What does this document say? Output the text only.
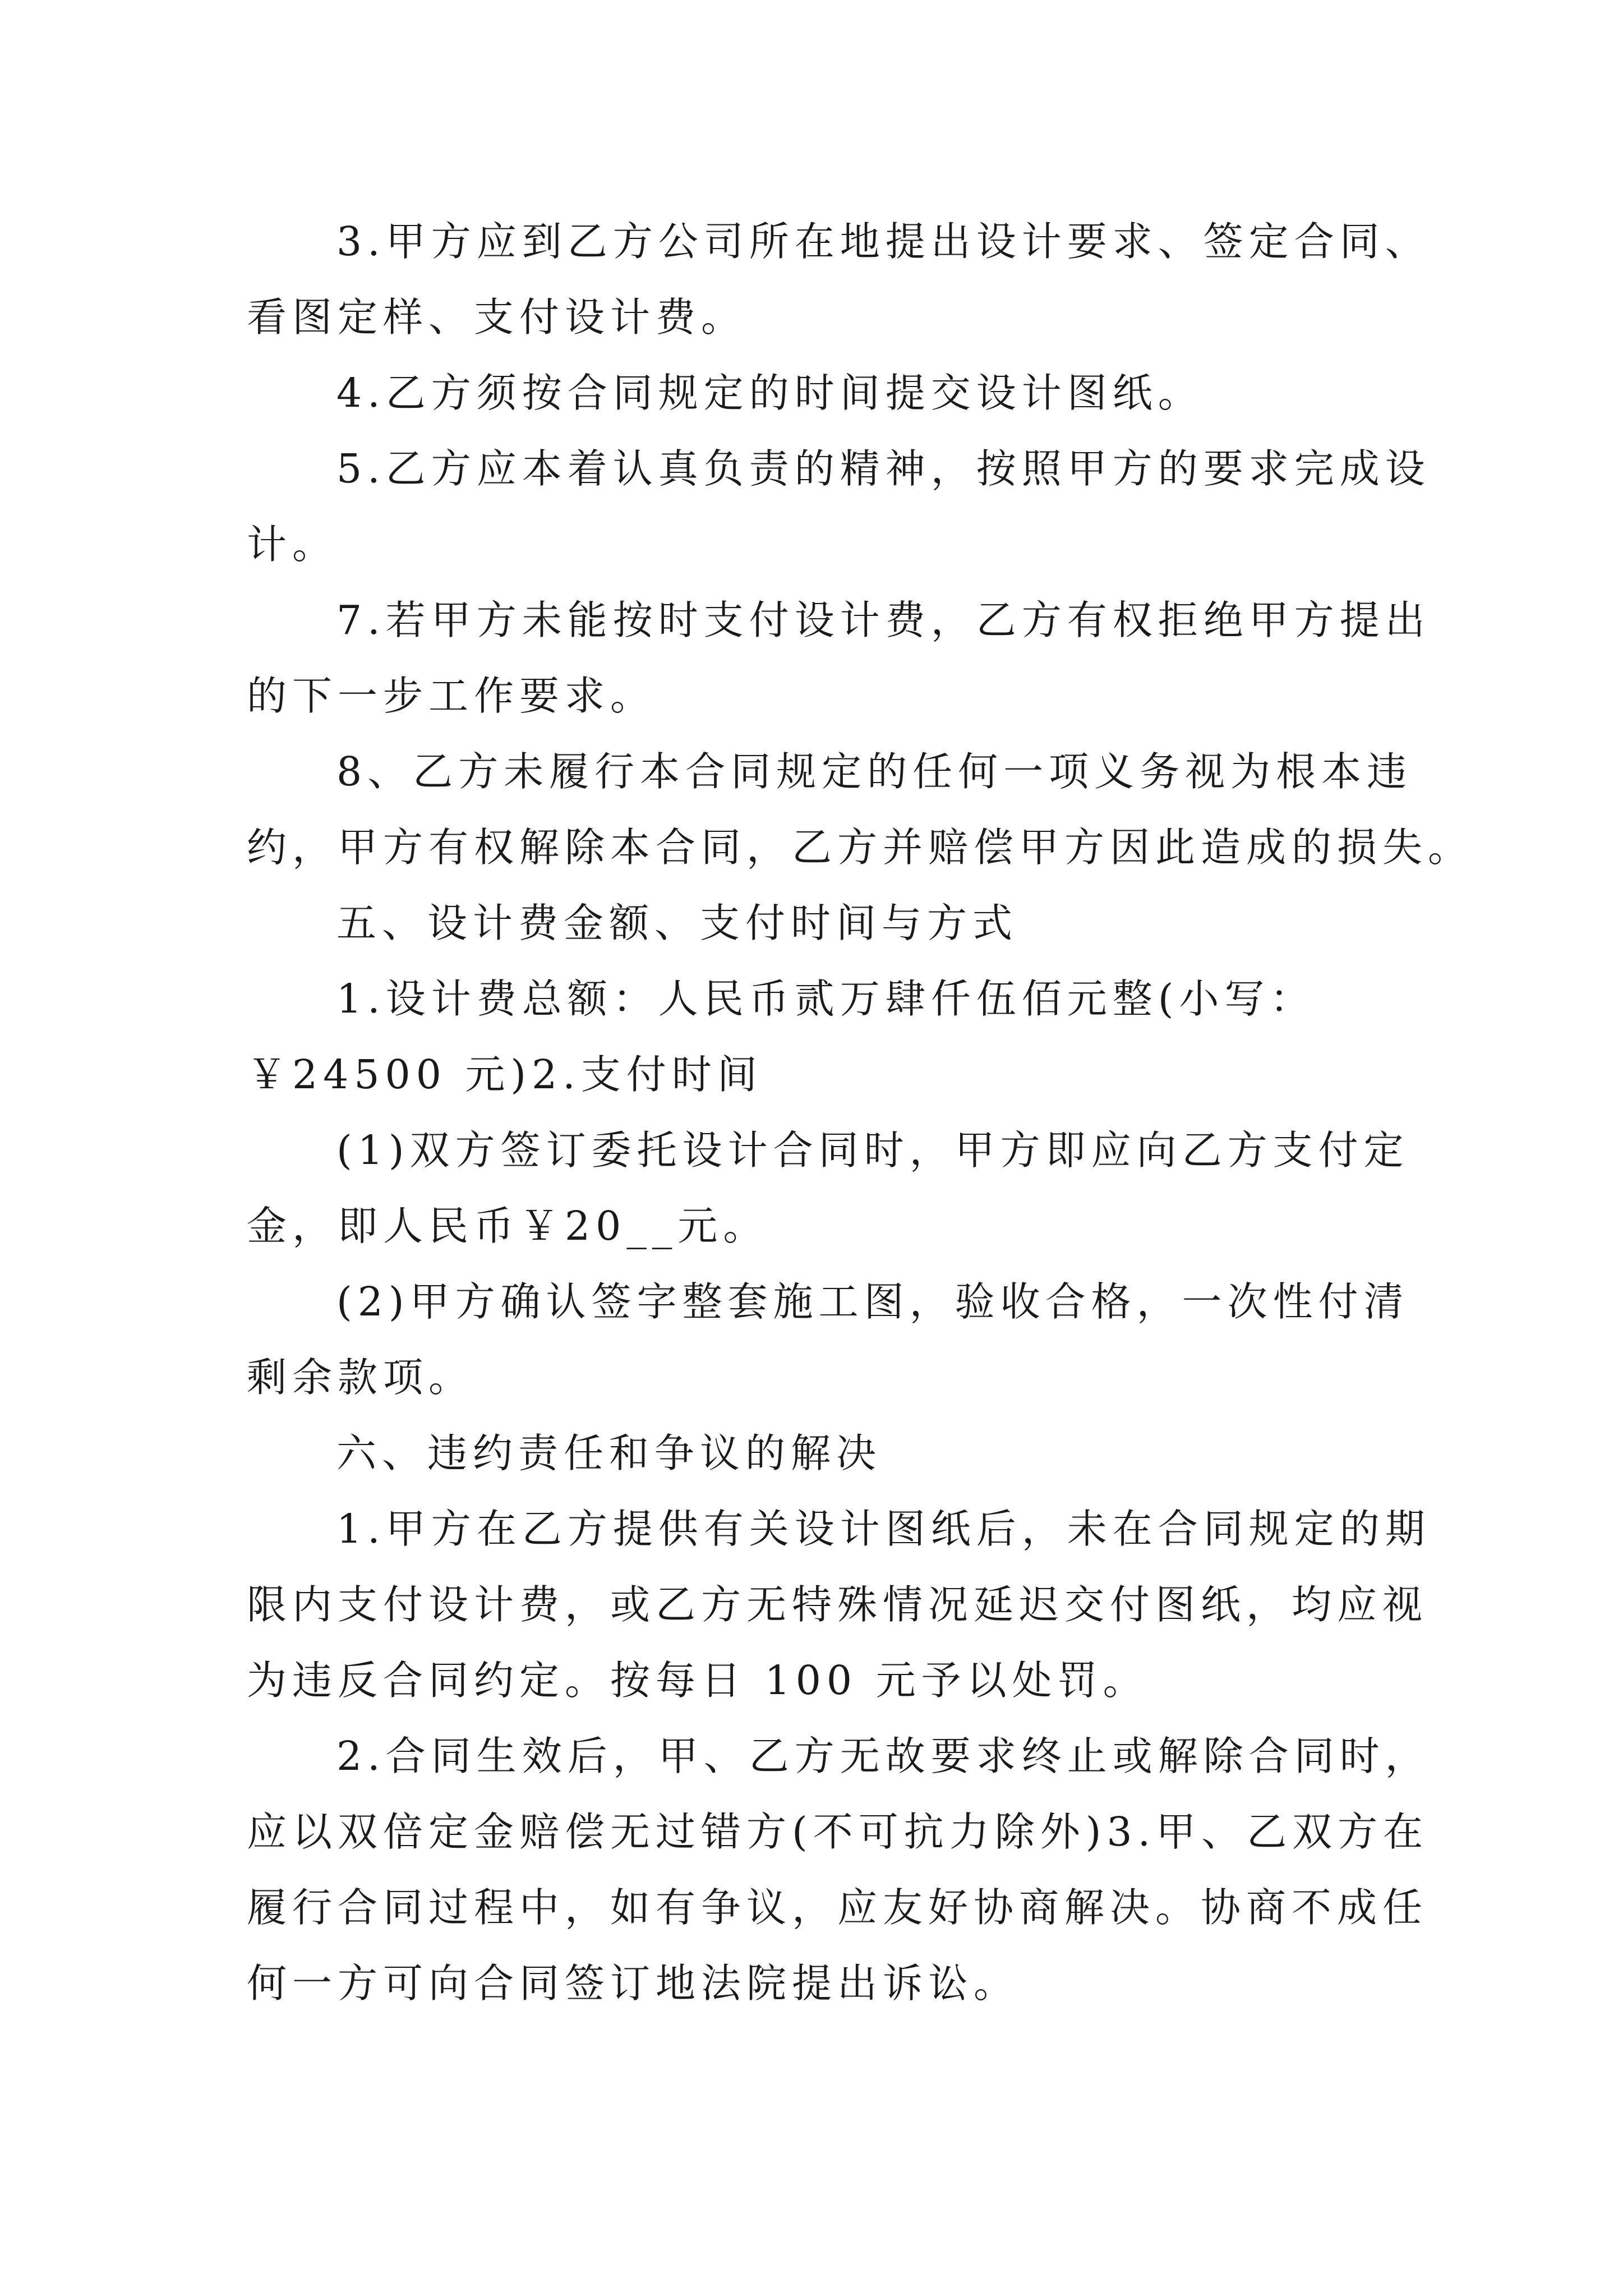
3.甲方应到乙方公司所在地提出设计要求、签定合同、
看图定样、支付设计费。
4.乙方须按合同规定的时间提交设计图纸。
5.乙方应本着认真负责的精神，按照甲方的要求完成设
计。
7.若甲方未能按时支付设计费，乙方有权拒绝甲方提出
的下一步工作要求。
8、乙方未履行本合同规定的任何一项义务视为根本违
约，甲方有权解除本合同，乙方并赔偿甲方因此造成的损失。
五、设计费金额、支付时间与方式
1.设计费总额：人民币贰万肆仟伍佰元整(小写：
￥24500 元)2.支付时间
(1)双方签订委托设计合同时，甲方即应向乙方支付定
金，即人民币￥20__元。
(2)甲方确认签字整套施工图，验收合格，一次性付清
剩余款项。
六、违约责任和争议的解决
1.甲方在乙方提供有关设计图纸后，未在合同规定的期
限内支付设计费，或乙方无特殊情况延迟交付图纸，均应视
为违反合同约定。按每日 100 元予以处罚。
2.合同生效后，甲、乙方无故要求终止或解除合同时，
应以双倍定金赔偿无过错方(不可抗力除外)3.甲、乙双方在
履行合同过程中，如有争议，应友好协商解决。协商不成任
何一方可向合同签订地法院提出诉讼。
